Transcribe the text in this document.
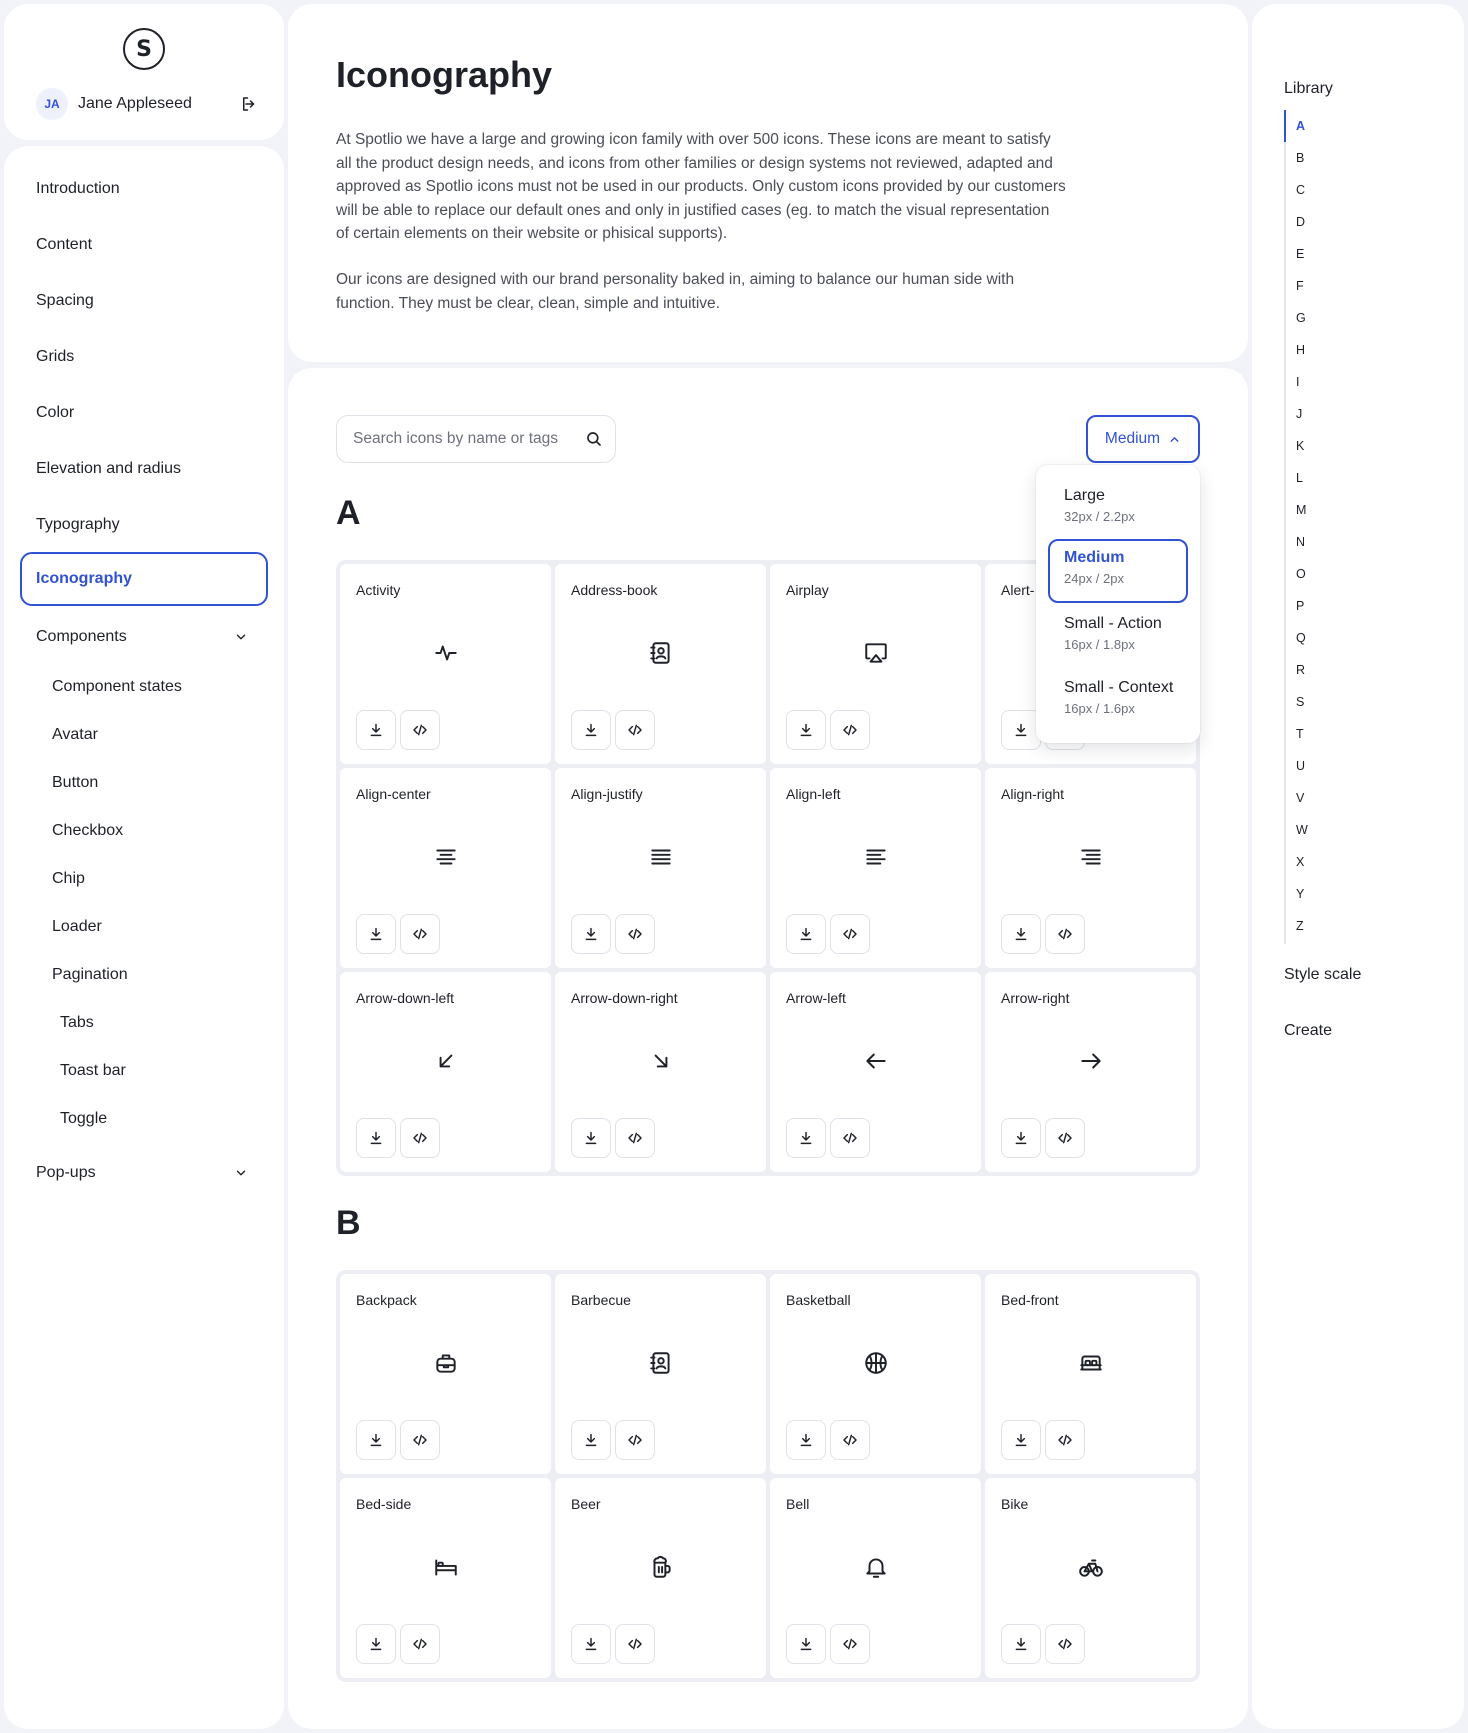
S
JA Jane Appleseed
Introduction
Content
Spacing
Grids
Color
Elevation and radius
Typography
Iconography
Components
Component states
Avatar
Button
Checkbox
Chip
Loader
Pagination
Tabs
Toast bar
Toggle
Pop-ups
Iconography

At Spotlio we have a large and growing icon family with over 500 icons. These icons are meant to satisfy all the product design needs, and icons from other families or design systems not reviewed, adapted and approved as Spotlio icons must not be used in our products. Only custom icons provided by our customers will be able to replace our default ones and only in justified cases (eg. to match the visual representation of certain elements on their website or phisical supports).

Our icons are designed with our brand personality baked in, aiming to balance our human side with function. They must be clear, clean, simple and intuitive.

Search icons by name or tags
Medium
Large
32px / 2.2px
Medium
24px / 2px
Small - Action
16px / 1.8px
Small - Context
16px / 1.6px
A
Activity	Address-book	Airplay	Alert-
Align-center	Align-justify	Align-left	Align-right
Arrow-down-left	Arrow-down-right	Arrow-left	Arrow-right
B
Backpack	Barbecue	Basketball	Bed-front
Bed-side	Beer	Bell	Bike
Library
A
B
C
D
E
F
G
H
I
J
K
L
M
N
O
P
Q
R
S
T
U
V
W
X
Y
Z
Style scale
Create
